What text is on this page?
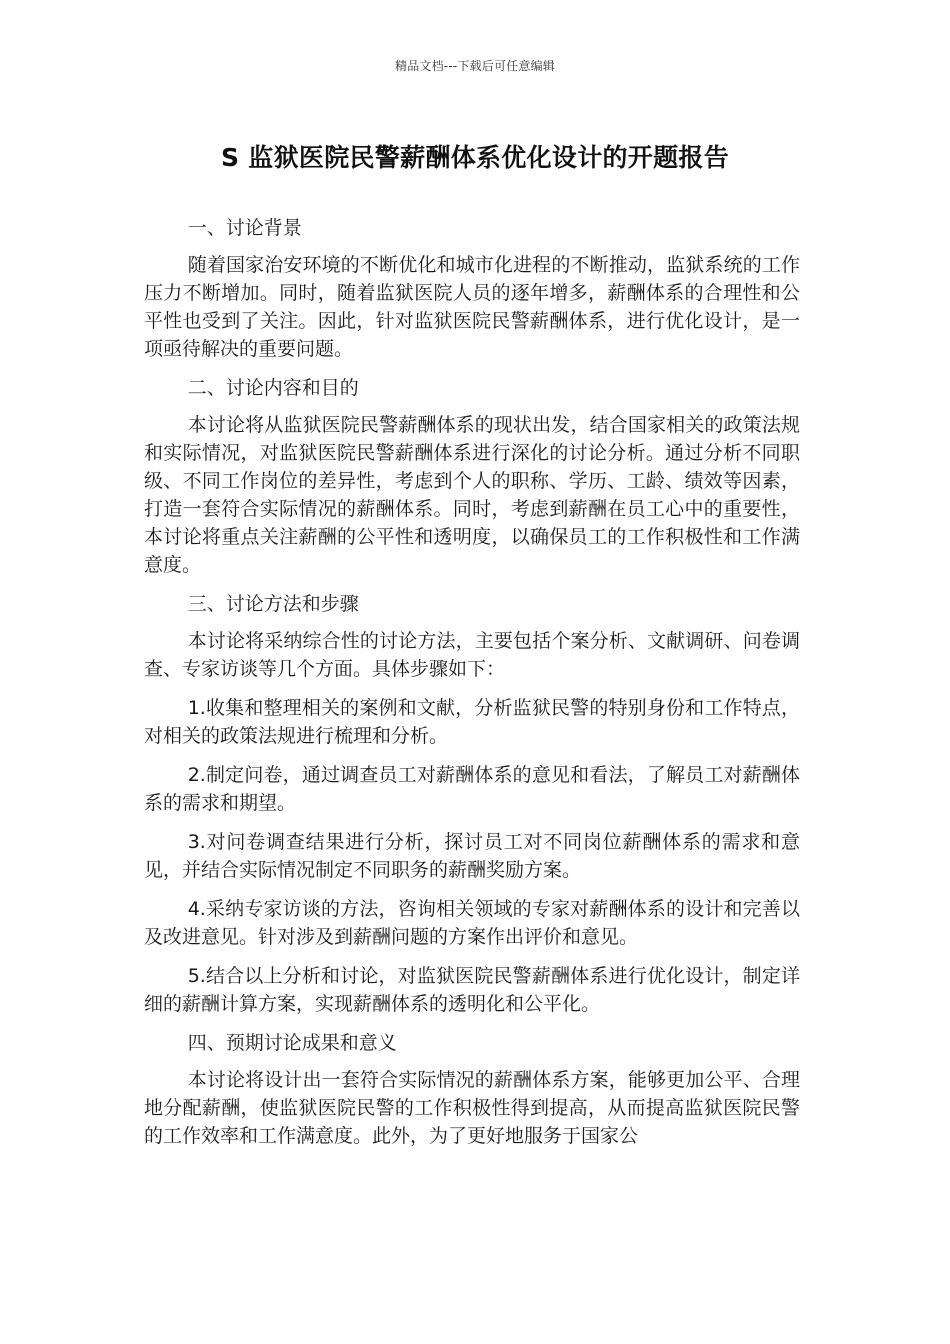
精品文档---下载后可任意编辑
S 监狱医院民警薪酬体系优化设计的开题报告

一、讨论背景

随着国家治安环境的不断优化和城市化进程的不断推动，监狱系统的工作压力不断增加。同时，随着监狱医院人员的逐年增多，薪酬体系的合理性和公平性也受到了关注。因此，针对监狱医院民警薪酬体系，进行优化设计，是一项亟待解决的重要问题。

二、讨论内容和目的

本讨论将从监狱医院民警薪酬体系的现状出发，结合国家相关的政策法规和实际情况，对监狱医院民警薪酬体系进行深化的讨论分析。通过分析不同职级、不同工作岗位的差异性，考虑到个人的职称、学历、工龄、绩效等因素，打造一套符合实际情况的薪酬体系。同时，考虑到薪酬在员工心中的重要性，本讨论将重点关注薪酬的公平性和透明度，以确保员工的工作积极性和工作满意度。

三、讨论方法和步骤

本讨论将采纳综合性的讨论方法，主要包括个案分析、文献调研、问卷调查、专家访谈等几个方面。具体步骤如下：

1.收集和整理相关的案例和文献，分析监狱民警的特别身份和工作特点，对相关的政策法规进行梳理和分析。

2.制定问卷，通过调查员工对薪酬体系的意见和看法，了解员工对薪酬体系的需求和期望。

3.对问卷调查结果进行分析，探讨员工对不同岗位薪酬体系的需求和意见，并结合实际情况制定不同职务的薪酬奖励方案。

4.采纳专家访谈的方法，咨询相关领域的专家对薪酬体系的设计和完善以及改进意见。针对涉及到薪酬问题的方案作出评价和意见。

5.结合以上分析和讨论，对监狱医院民警薪酬体系进行优化设计，制定详细的薪酬计算方案，实现薪酬体系的透明化和公平化。

四、预期讨论成果和意义

本讨论将设计出一套符合实际情况的薪酬体系方案，能够更加公平、合理地分配薪酬，使监狱医院民警的工作积极性得到提高，从而提高监狱医院民警的工作效率和工作满意度。此外，为了更好地服务于国家公
